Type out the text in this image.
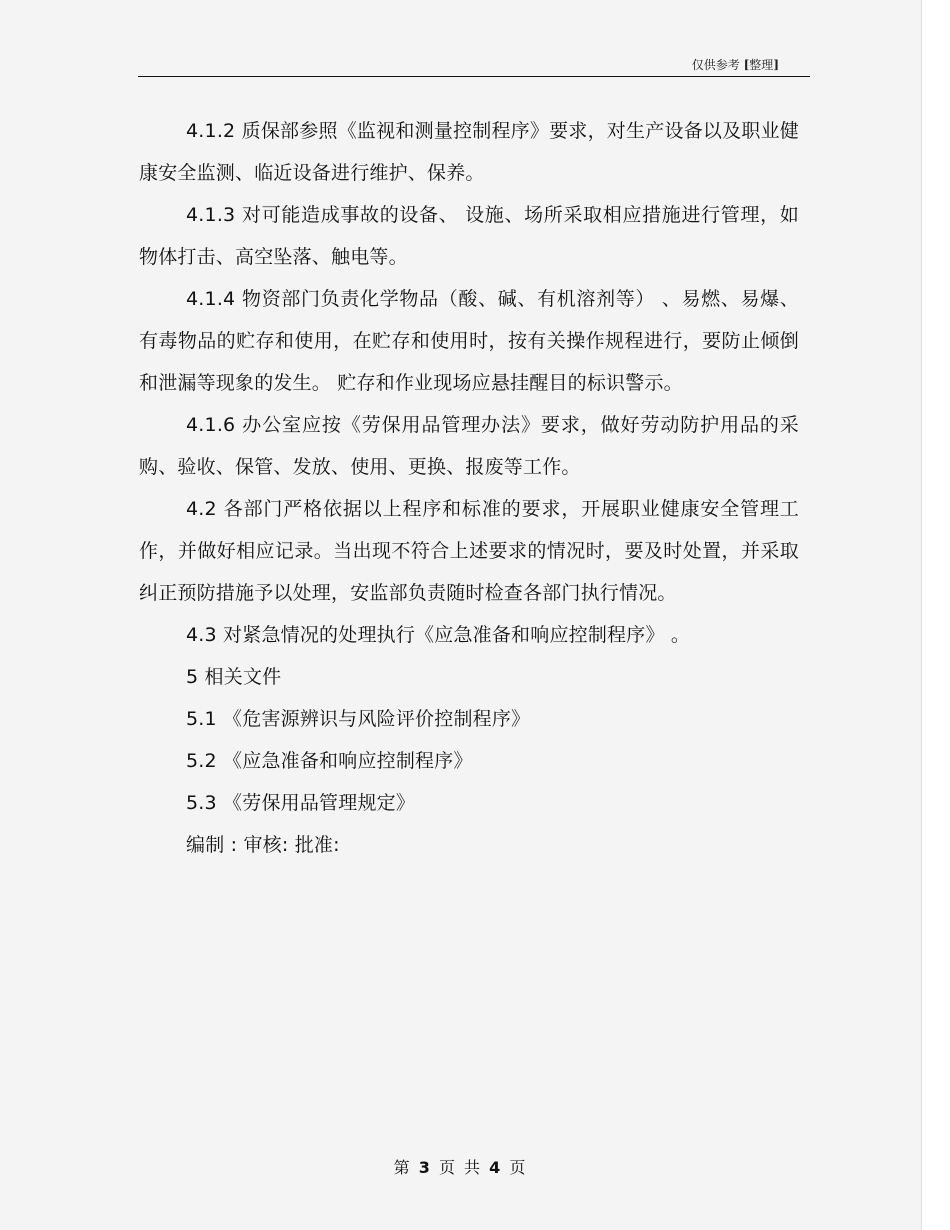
仅供参考 [整理]

4.1.2 质保部参照《监视和测量控制程序》要求，对生产设备以及职业健康安全监测、临近设备进行维护、保养。

4.1.3 对可能造成事故的设备、 设施、场所采取相应措施进行管理，如物体打击、高空坠落、触电等。

4.1.4 物资部门负责化学物品（酸、碱、有机溶剂等） 、易燃、易爆、有毒物品的贮存和使用，在贮存和使用时，按有关操作规程进行，要防止倾倒和泄漏等现象的发生。 贮存和作业现场应悬挂醒目的标识警示。

4.1.6 办公室应按《劳保用品管理办法》要求，做好劳动防护用品的采购、验收、保管、发放、使用、更换、报废等工作。

4.2 各部门严格依据以上程序和标准的要求，开展职业健康安全管理工作，并做好相应记录。当出现不符合上述要求的情况时，要及时处置，并采取纠正预防措施予以处理，安监部负责随时检查各部门执行情况。

4.3 对紧急情况的处理执行《应急准备和响应控制程序》 。

5 相关文件

5.1 《危害源辨识与风险评价控制程序》

5.2 《应急准备和响应控制程序》

5.3 《劳保用品管理规定》

编制 : 审核: 批准:

第 3 页 共 4 页
